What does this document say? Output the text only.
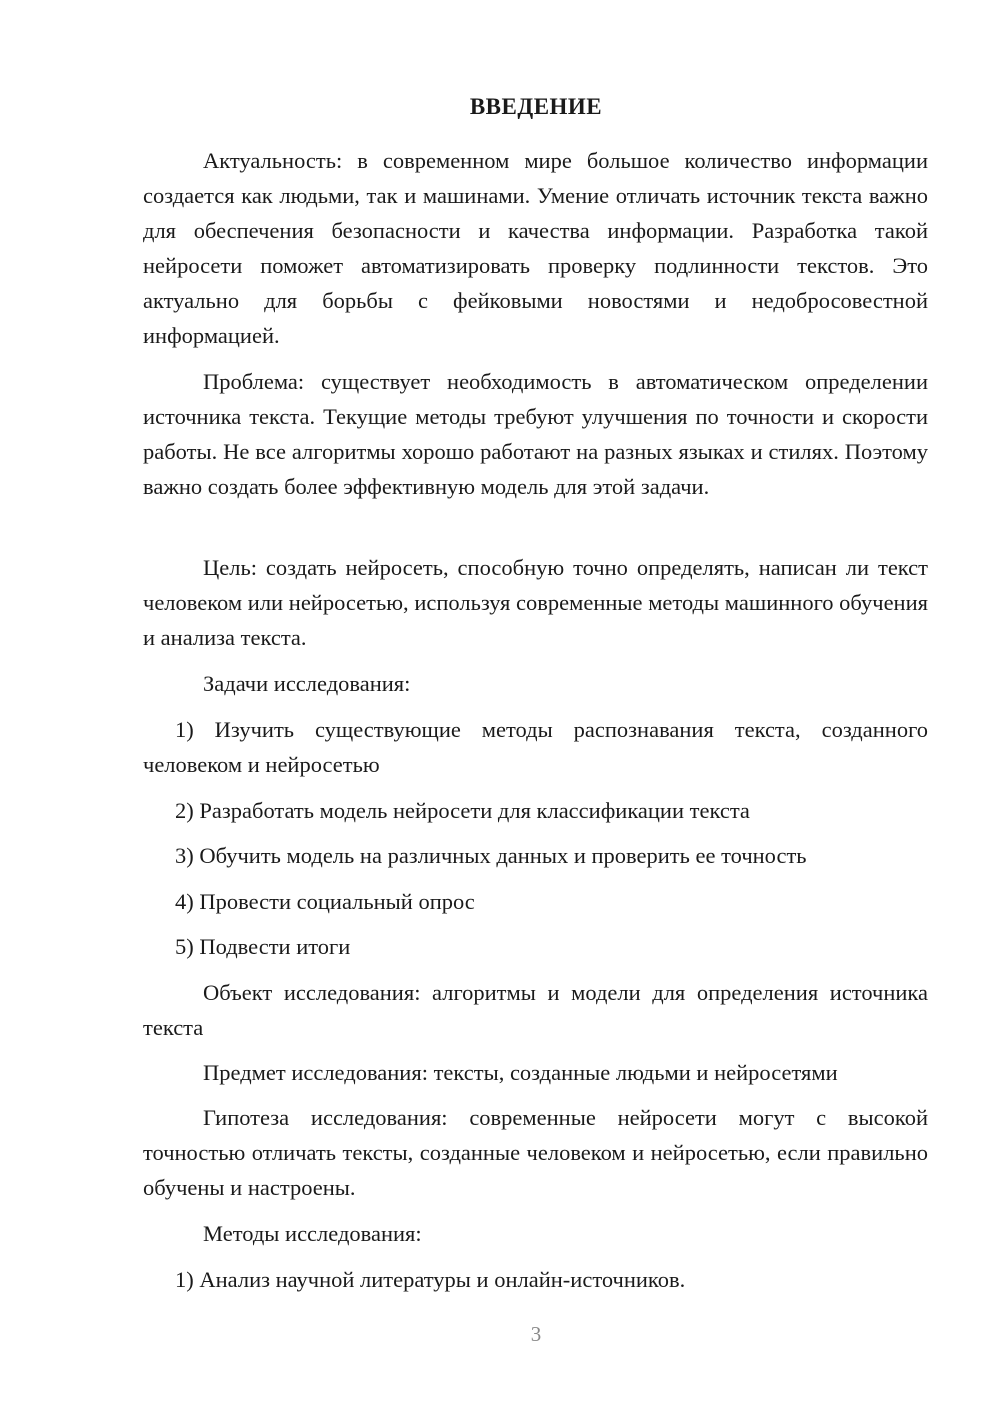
ВВЕДЕНИЕ

Актуальность: в современном мире большое количество информации создается как людьми, так и машинами. Умение отличать источник текста важно для обеспечения безопасности и качества информации. Разработка такой нейросети поможет автоматизировать проверку подлинности текстов. Это актуально для борьбы с фейковыми новостями и недобросовестной информацией.

Проблема: существует необходимость в автоматическом определении источника текста. Текущие методы требуют улучшения по точности и скорости работы. Не все алгоритмы хорошо работают на разных языках и стилях. Поэтому важно создать более эффективную модель для этой задачи.

Цель: создать нейросеть, способную точно определять, написан ли текст человеком или нейросетью, используя современные методы машинного обучения и анализа текста.

Задачи исследования:

1) Изучить существующие методы распознавания текста, созданного человеком и нейросетью

2) Разработать модель нейросети для классификации текста

3) Обучить модель на различных данных и проверить ее точность

4) Провести социальный опрос

5) Подвести итоги

Объект исследования: алгоритмы и модели для определения источника текста

Предмет исследования: тексты, созданные людьми и нейросетями

Гипотеза исследования: современные нейросети могут с высокой точностью отличать тексты, созданные человеком и нейросетью, если правильно обучены и настроены.

Методы исследования:

1) Анализ научной литературы и онлайн-источников.

3
